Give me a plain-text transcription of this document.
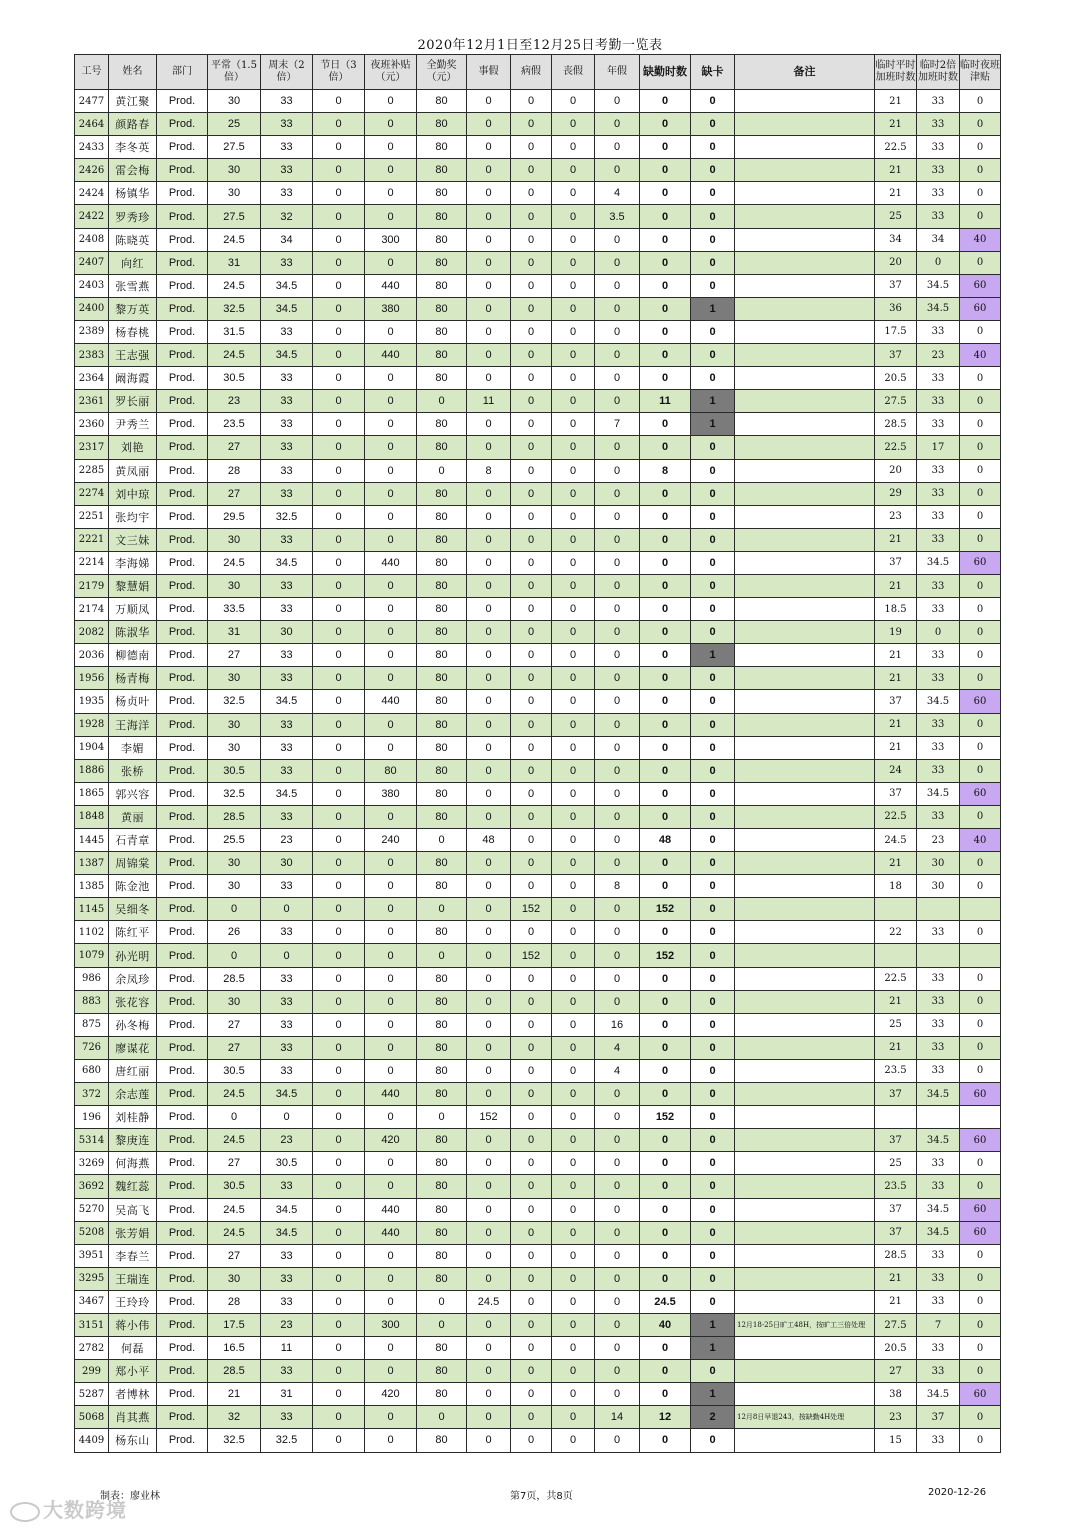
2020年12月1日至12月25日考勤一览表
工号	姓名	部门	平常（1.5倍）	周末（2倍）	节日（3倍）	夜班补贴（元）	全勤奖（元）	事假	病假	丧假	年假	缺勤时数	缺卡	备注	临时平时加班时数	临时2倍加班时数	临时夜班津贴
2477	黄江聚	Prod.	30	33	0	0	80	0	0	0	0	0	0		21	33	0
2464	颜路春	Prod.	25	33	0	0	80	0	0	0	0	0	0		21	33	0
2433	李冬英	Prod.	27.5	33	0	0	80	0	0	0	0	0	0		22.5	33	0
2426	雷会梅	Prod.	30	33	0	0	80	0	0	0	0	0	0		21	33	0
2424	杨镇华	Prod.	30	33	0	0	80	0	0	0	4	0	0		21	33	0
2422	罗秀珍	Prod.	27.5	32	0	0	80	0	0	0	3.5	0	0		25	33	0
2408	陈晓英	Prod.	24.5	34	0	300	80	0	0	0	0	0	0		34	34	40
2407	向红	Prod.	31	33	0	0	80	0	0	0	0	0	0		20	0	0
2403	张雪燕	Prod.	24.5	34.5	0	440	80	0	0	0	0	0	0		37	34.5	60
2400	黎万英	Prod.	32.5	34.5	0	380	80	0	0	0	0	0	1		36	34.5	60
2389	杨春桃	Prod.	31.5	33	0	0	80	0	0	0	0	0	0		17.5	33	0
2383	王志强	Prod.	24.5	34.5	0	440	80	0	0	0	0	0	0		37	23	40
2364	阚海霞	Prod.	30.5	33	0	0	80	0	0	0	0	0	0		20.5	33	0
2361	罗长丽	Prod.	23	33	0	0	0	11	0	0	0	11	1		27.5	33	0
2360	尹秀兰	Prod.	23.5	33	0	0	80	0	0	0	7	0	1		28.5	33	0
2317	刘艳	Prod.	27	33	0	0	80	0	0	0	0	0	0		22.5	17	0
2285	黄凤丽	Prod.	28	33	0	0	0	8	0	0	0	8	0		20	33	0
2274	刘中琼	Prod.	27	33	0	0	80	0	0	0	0	0	0		29	33	0
2251	张均宇	Prod.	29.5	32.5	0	0	80	0	0	0	0	0	0		23	33	0
2221	文三妹	Prod.	30	33	0	0	80	0	0	0	0	0	0		21	33	0
2214	李海娣	Prod.	24.5	34.5	0	440	80	0	0	0	0	0	0		37	34.5	60
2179	黎慧娟	Prod.	30	33	0	0	80	0	0	0	0	0	0		21	33	0
2174	万顺凤	Prod.	33.5	33	0	0	80	0	0	0	0	0	0		18.5	33	0
2082	陈淑华	Prod.	31	30	0	0	80	0	0	0	0	0	0		19	0	0
2036	柳德南	Prod.	27	33	0	0	80	0	0	0	0	0	1		21	33	0
1956	杨青梅	Prod.	30	33	0	0	80	0	0	0	0	0	0		21	33	0
1935	杨贞叶	Prod.	32.5	34.5	0	440	80	0	0	0	0	0	0		37	34.5	60
1928	王海洋	Prod.	30	33	0	0	80	0	0	0	0	0	0		21	33	0
1904	李媚	Prod.	30	33	0	0	80	0	0	0	0	0	0		21	33	0
1886	张桥	Prod.	30.5	33	0	80	80	0	0	0	0	0	0		24	33	0
1865	郭兴容	Prod.	32.5	34.5	0	380	80	0	0	0	0	0	0		37	34.5	60
1848	黄丽	Prod.	28.5	33	0	0	80	0	0	0	0	0	0		22.5	33	0
1445	石青章	Prod.	25.5	23	0	240	0	48	0	0	0	48	0		24.5	23	40
1387	周锦棠	Prod.	30	30	0	0	80	0	0	0	0	0	0		21	30	0
1385	陈金池	Prod.	30	33	0	0	80	0	0	0	8	0	0		18	30	0
1145	吴细冬	Prod.	0	0	0	0	0	0	152	0	0	152	0				
1102	陈红平	Prod.	26	33	0	0	80	0	0	0	0	0	0		22	33	0
1079	孙光明	Prod.	0	0	0	0	0	0	152	0	0	152	0				
986	余凤珍	Prod.	28.5	33	0	0	80	0	0	0	0	0	0		22.5	33	0
883	张花容	Prod.	30	33	0	0	80	0	0	0	0	0	0		21	33	0
875	孙冬梅	Prod.	27	33	0	0	80	0	0	0	16	0	0		25	33	0
726	廖谋花	Prod.	27	33	0	0	80	0	0	0	4	0	0		21	33	0
680	唐红丽	Prod.	30.5	33	0	0	80	0	0	0	4	0	0		23.5	33	0
372	余志莲	Prod.	24.5	34.5	0	440	80	0	0	0	0	0	0		37	34.5	60
196	刘桂静	Prod.	0	0	0	0	0	152	0	0	0	152	0				
5314	黎庚连	Prod.	24.5	23	0	420	80	0	0	0	0	0	0		37	34.5	60
3269	何海燕	Prod.	27	30.5	0	0	80	0	0	0	0	0	0		25	33	0
3692	魏红蕊	Prod.	30.5	33	0	0	80	0	0	0	0	0	0		23.5	33	0
5270	吴高飞	Prod.	24.5	34.5	0	440	80	0	0	0	0	0	0		37	34.5	60
5208	张芳娟	Prod.	24.5	34.5	0	440	80	0	0	0	0	0	0		37	34.5	60
3951	李春兰	Prod.	27	33	0	0	80	0	0	0	0	0	0		28.5	33	0
3295	王瑞连	Prod.	30	33	0	0	80	0	0	0	0	0	0		21	33	0
3467	王玲玲	Prod.	28	33	0	0	0	24.5	0	0	0	24.5	0		21	33	0
3151	蒋小伟	Prod.	17.5	23	0	300	0	0	0	0	0	40	1	12月18-25日旷工48H，按旷工三倍处理	27.5	7	0
2782	何磊	Prod.	16.5	11	0	0	80	0	0	0	0	0	1		20.5	33	0
299	郑小平	Prod.	28.5	33	0	0	80	0	0	0	0	0	0		27	33	0
5287	者博林	Prod.	21	31	0	420	80	0	0	0	0	0	1		38	34.5	60
5068	肖其燕	Prod.	32	33	0	0	0	0	0	0	14	12	2	12月8日早退243，按缺勤4H处理	23	37	0
4409	杨东山	Prod.	32.5	32.5	0	0	80	0	0	0	0	0	0		15	33	0
制表：廖业林	第7页，共8页	2020-12-26
大数跨境
